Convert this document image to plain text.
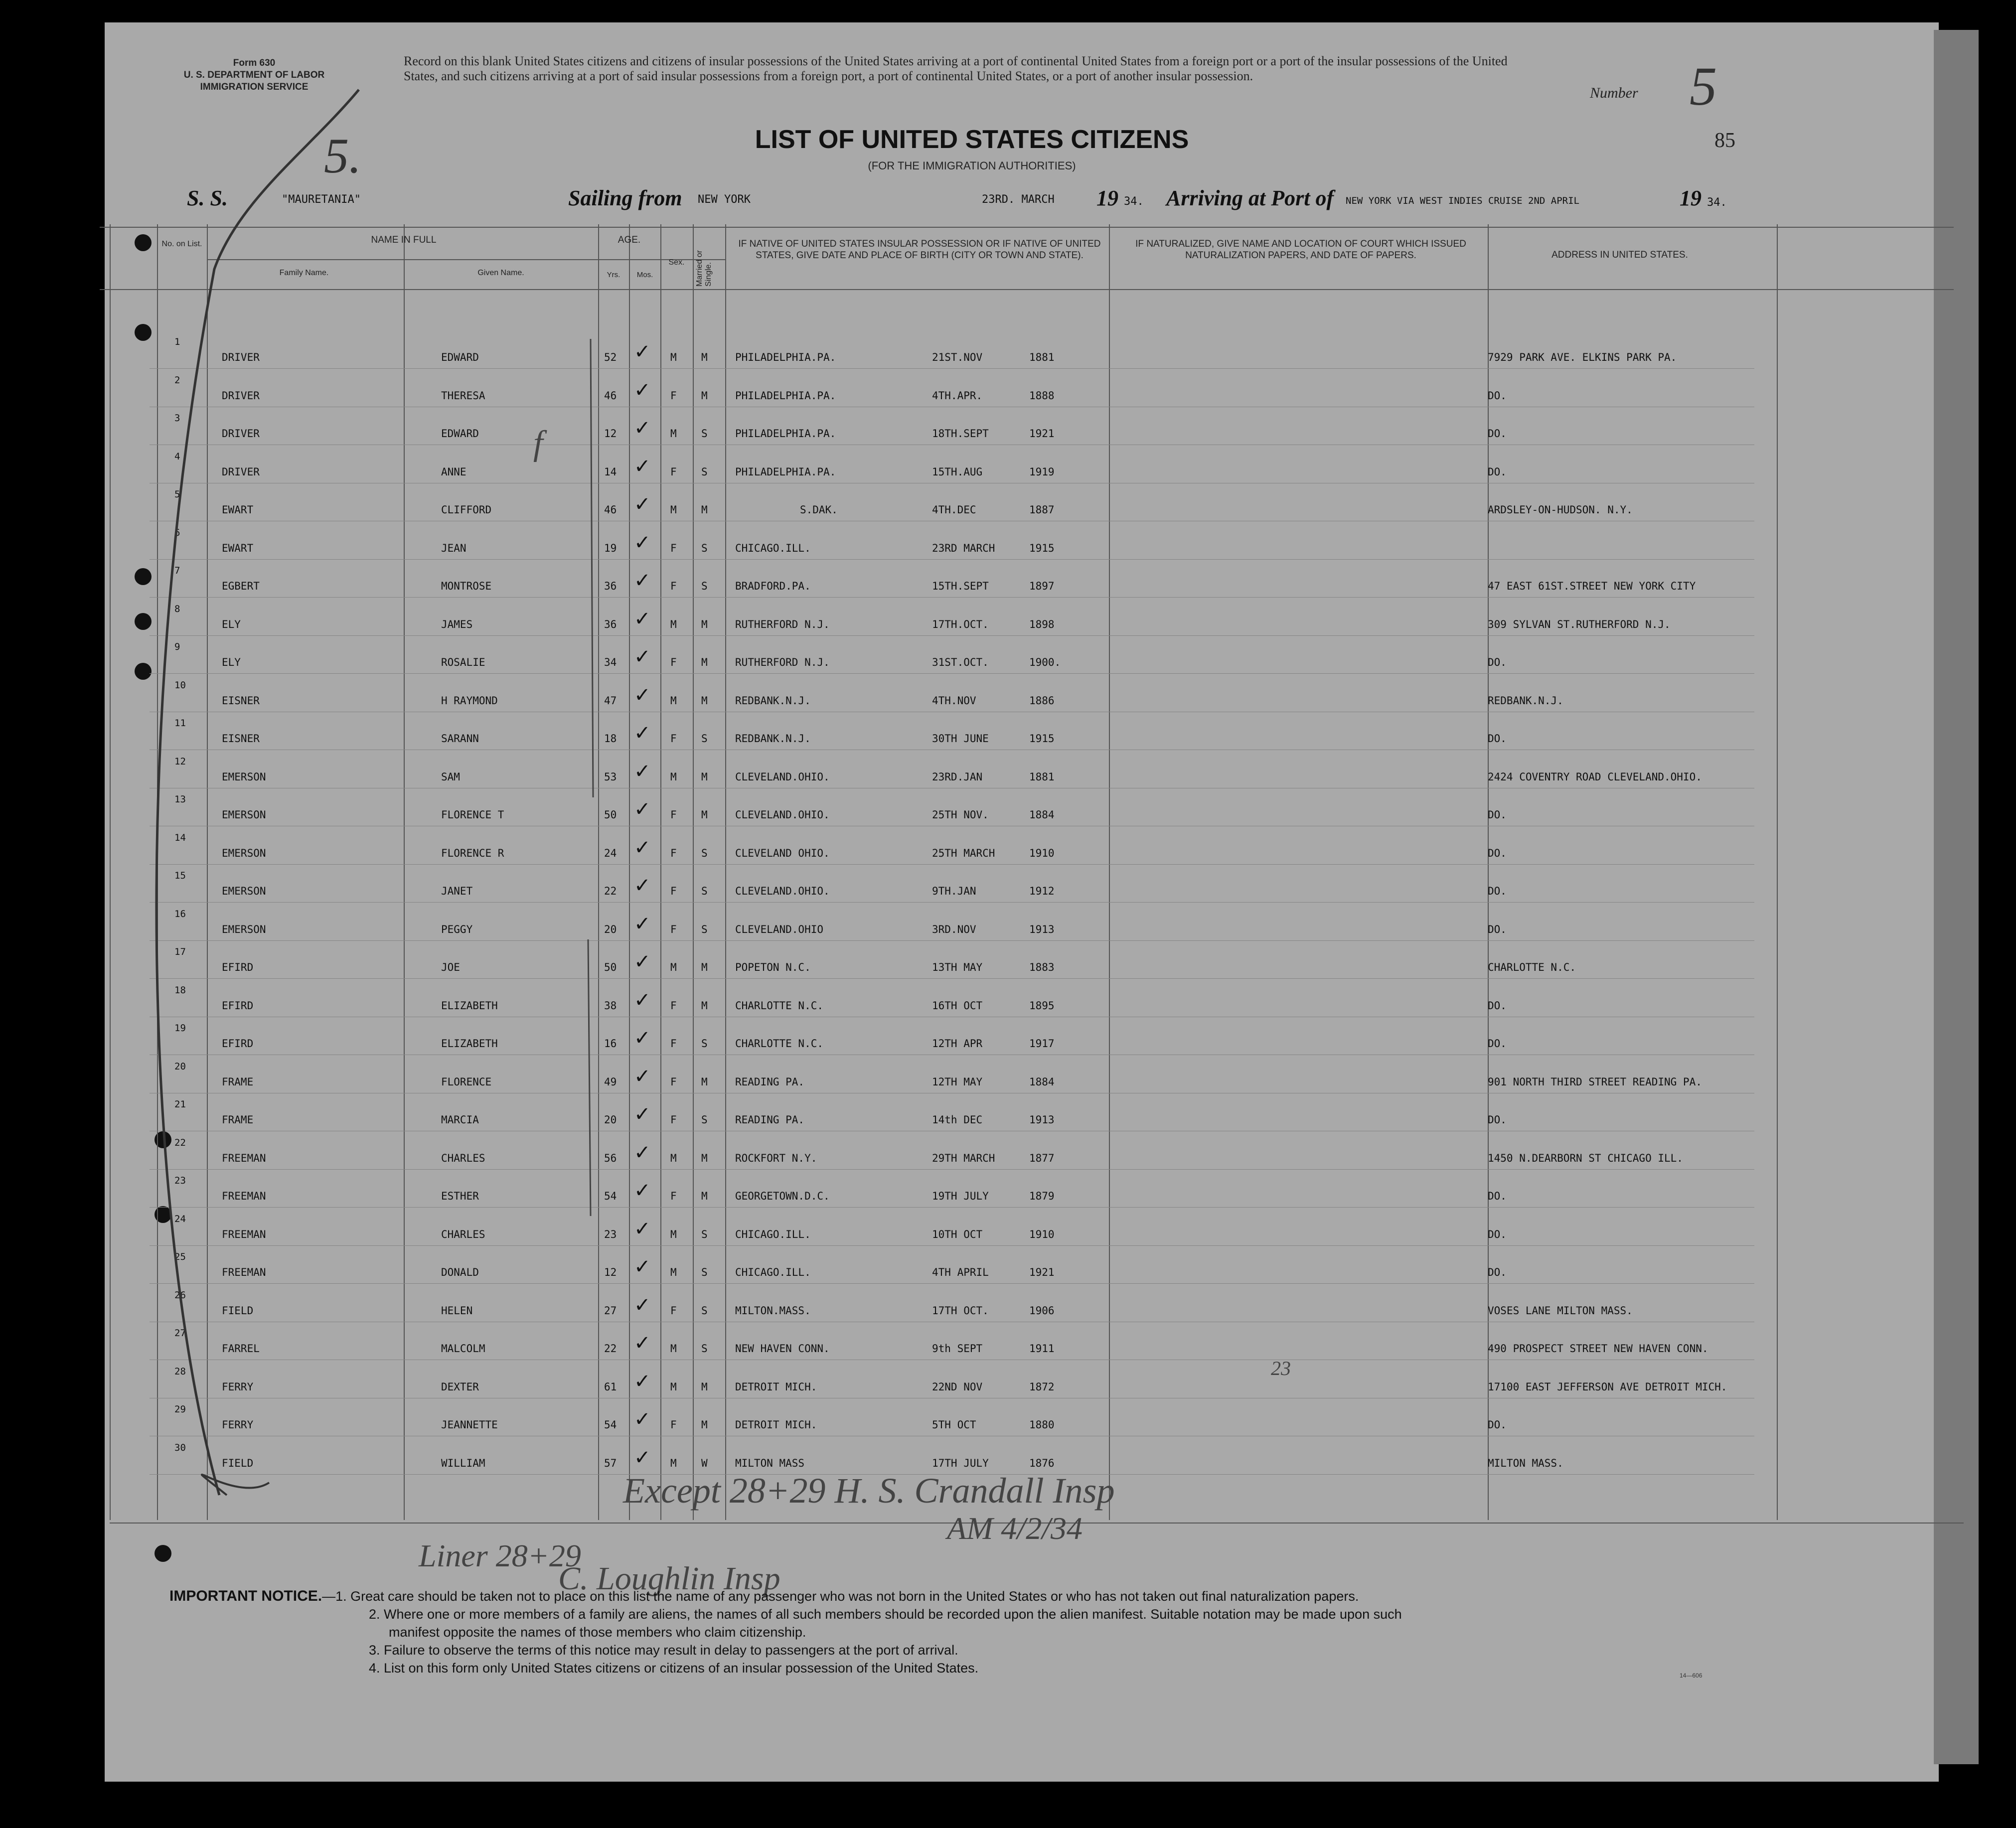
Form 630
U. S. DEPARTMENT OF LABOR
IMMIGRATION SERVICE
Record on this blank United States citizens and citizens of insular possessions of the United States arriving at a port of continental United States from a foreign port or a port of the insular possessions of the United States, and such citizens arriving at a port of said insular possessions from a foreign port, a port of continental United States, or a port of another insular possession.
Number 5
85
5.	LIST OF UNITED STATES CITIZENS
(FOR THE IMMIGRATION AUTHORITIES)
S. S.	"MAURETANIA"	Sailing from NEW YORK	23RD. MARCH 19 34. Arriving at Port of NEW YORK VIA WEST INDIES CRUISE 2ND APRIL	19 34.
No. on List.	NAME IN FULL
Family Name.	Given Name.
AGE.
Yrs.	Mos.
Sex.	Married or Single.
IF NATIVE OF UNITED STATES INSULAR POSSESSION OR IF NATIVE OF UNITED STATES, GIVE DATE AND PLACE OF BIRTH (CITY OR TOWN AND STATE).
IF NATURALIZED, GIVE NAME AND LOCATION OF COURT WHICH ISSUED NATURALIZATION PAPERS, AND DATE OF PAPERS.	ADDRESS IN UNITED STATES.
1
DRIVER	EDWARD	52	M M	PHILADELPHIA.PA.	21ST.NOV	1881	7929 PARK AVE. ELKINS PARK PA.
✓
2
DRIVER	THERESA	46	F M	PHILADELPHIA.PA.	4TH.APR.	1888	DO.
✓
3
DRIVER	EDWARD	12	M S	PHILADELPHIA.PA.	18TH.SEPT	1921	DO.
✓
4
DRIVER	ANNE	14	F S	PHILADELPHIA.PA.	15TH.AUG	1919	DO.
✓
5
EWART	CLIFFORD	46	M M	S.DAK.	4TH.DEC	1887	ARDSLEY-ON-HUDSON. N.Y.
✓
6
EWART	JEAN	19	F S	CHICAGO.ILL.	23RD MARCH	1915
✓
7
EGBERT	MONTROSE	36	F S	BRADFORD.PA.	15TH.SEPT	1897	47 EAST 61ST.STREET NEW YORK CITY
✓
8
ELY	JAMES	36	M M	RUTHERFORD N.J.	17TH.OCT.	1898	309 SYLVAN ST.RUTHERFORD N.J.
✓
9
ELY	ROSALIE	34	F M	RUTHERFORD N.J.	31ST.OCT.	1900.	DO.
✓
10
EISNER	H RAYMOND	47	M M	REDBANK.N.J.	4TH.NOV	1886	REDBANK.N.J.
✓
11
EISNER	SARANN	18	F S	REDBANK.N.J.	30TH JUNE	1915	DO.
✓
12
EMERSON	SAM	53	M M	CLEVELAND.OHIO.	23RD.JAN	1881	2424 COVENTRY ROAD CLEVELAND.OHIO.
✓
13
EMERSON	FLORENCE T	50	F M	CLEVELAND.OHIO.	25TH NOV.	1884	DO.
✓
14
EMERSON	FLORENCE R	24	F S	CLEVELAND OHIO.	25TH MARCH	1910	DO.
✓
15
EMERSON	JANET	22	F S	CLEVELAND.OHIO.	9TH.JAN	1912	DO.
✓
16
EMERSON	PEGGY	20	F S	CLEVELAND.OHIO	3RD.NOV	1913	DO.
✓
17
EFIRD	JOE	50	M M	POPETON N.C.	13TH MAY	1883	CHARLOTTE N.C.
✓
18
EFIRD	ELIZABETH	38	F M	CHARLOTTE N.C.	16TH OCT	1895	DO.
✓
19
EFIRD	ELIZABETH	16	F S	CHARLOTTE N.C.	12TH APR	1917	DO.
✓
20
FRAME	FLORENCE	49	F M	READING PA.	12TH MAY	1884	901 NORTH THIRD STREET READING PA.
✓
21
FRAME	MARCIA	20	F S	READING PA.	14th DEC	1913	DO.
✓
22
FREEMAN	CHARLES	56	M M	ROCKFORT N.Y.	29TH MARCH	1877	1450 N.DEARBORN ST CHICAGO ILL.
✓
23
FREEMAN	ESTHER	54	F M	GEORGETOWN.D.C.	19TH JULY	1879	DO.
✓
24
FREEMAN	CHARLES	23	M S	CHICAGO.ILL.	10TH OCT	1910	DO.
✓
25
FREEMAN	DONALD	12	M S	CHICAGO.ILL.	4TH APRIL	1921	DO.
✓
26
FIELD	HELEN	27	F S	MILTON.MASS.	17TH OCT.	1906	VOSES LANE MILTON MASS.
✓
27
FARREL	MALCOLM	22	M S	NEW HAVEN CONN.	9th SEPT	1911	490 PROSPECT STREET NEW HAVEN CONN.
✓
28
FERRY	DEXTER	61	M M	DETROIT MICH.	22ND NOV	1872	17100 EAST JEFFERSON AVE DETROIT MICH.
✓
29
FERRY	JEANNETTE	54	F M	DETROIT MICH.	5TH OCT	1880	DO.
✓
30
FIELD	WILLIAM	57	M W	MILTON MASS	17TH JULY	1876	MILTON MASS.
✓
Except 28+29 H. S. Crandall Insp
AM 4/2/34
Liner 28+29
C. Loughlin Insp
23
f
IMPORTANT NOTICE.—1. Great care should be taken not to place on this list the name of any passenger who was not born in the United States or who has not taken out final naturalization papers.
2. Where one or more members of a family are aliens, the names of all such members should be recorded upon the alien manifest. Suitable notation may be made upon such
manifest opposite the names of those members who claim citizenship.
3. Failure to observe the terms of this notice may result in delay to passengers at the port of arrival.
4. List on this form only United States citizens or citizens of an insular possession of the United States.	14—606
